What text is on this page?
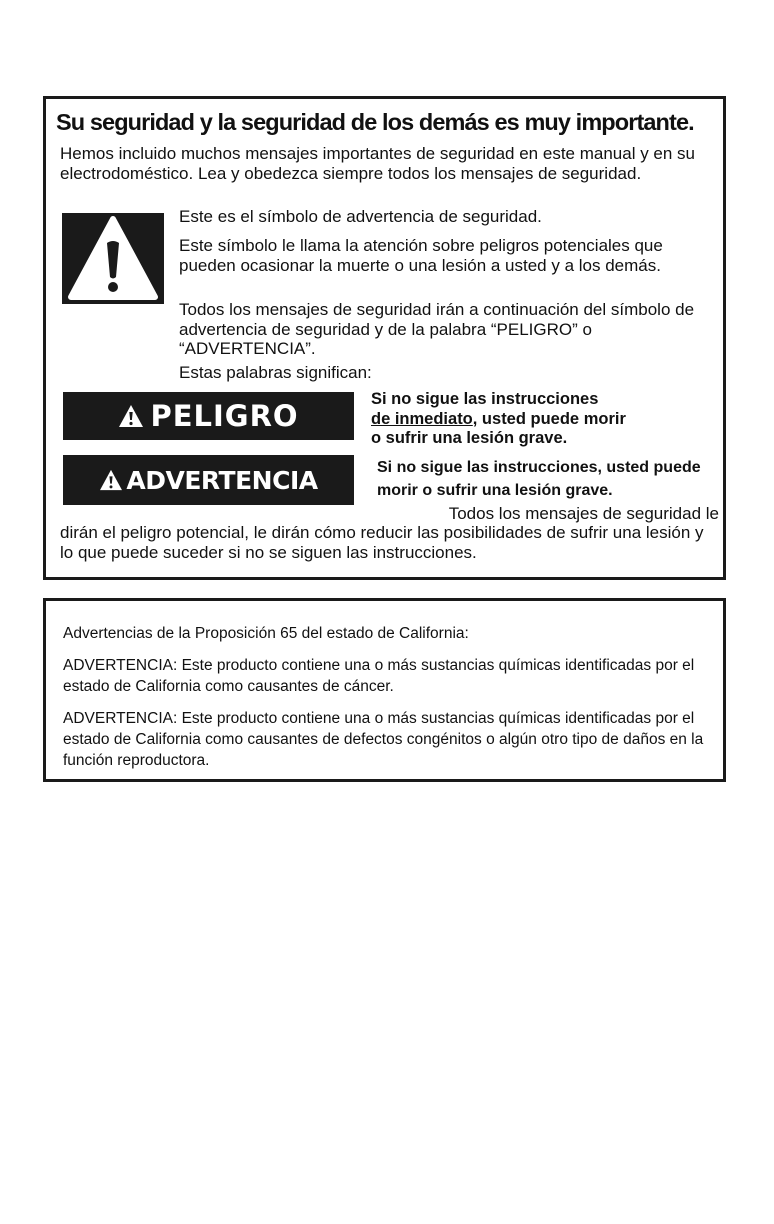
Su seguridad y la seguridad de los demás es muy importante.

Hemos incluido muchos mensajes importantes de seguridad en este manual y en su electrodoméstico. Lea y obedezca siempre todos los mensajes de seguridad.

Este es el símbolo de advertencia de seguridad.

Este símbolo le llama la atención sobre peligros potenciales que pueden ocasionar la muerte o una lesión a usted y a los demás.

Todos los mensajes de seguridad irán a continuación del símbolo de advertencia de seguridad y de la palabra “PELIGRO” o “ADVERTENCIA”.

Estas palabras significan:

PELIGRO	Si no sigue las instrucciones
de inmediato, usted puede morir
o sufrir una lesión grave.

ADVERTENCIA	Si no sigue las instrucciones, usted puede morir o sufrir una lesión grave.

Todos los mensajes de seguridad le

dirán el peligro potencial, le dirán cómo reducir las posibilidades de sufrir una lesión y lo que puede suceder si no se siguen las instrucciones.

Advertencias de la Proposición 65 del estado de California:

ADVERTENCIA: Este producto contiene una o más sustancias químicas identificadas por el estado de California como causantes de cáncer.

ADVERTENCIA: Este producto contiene una o más sustancias químicas identificadas por el estado de California como causantes de defectos congénitos o algún otro tipo de daños en la función reproductora.
